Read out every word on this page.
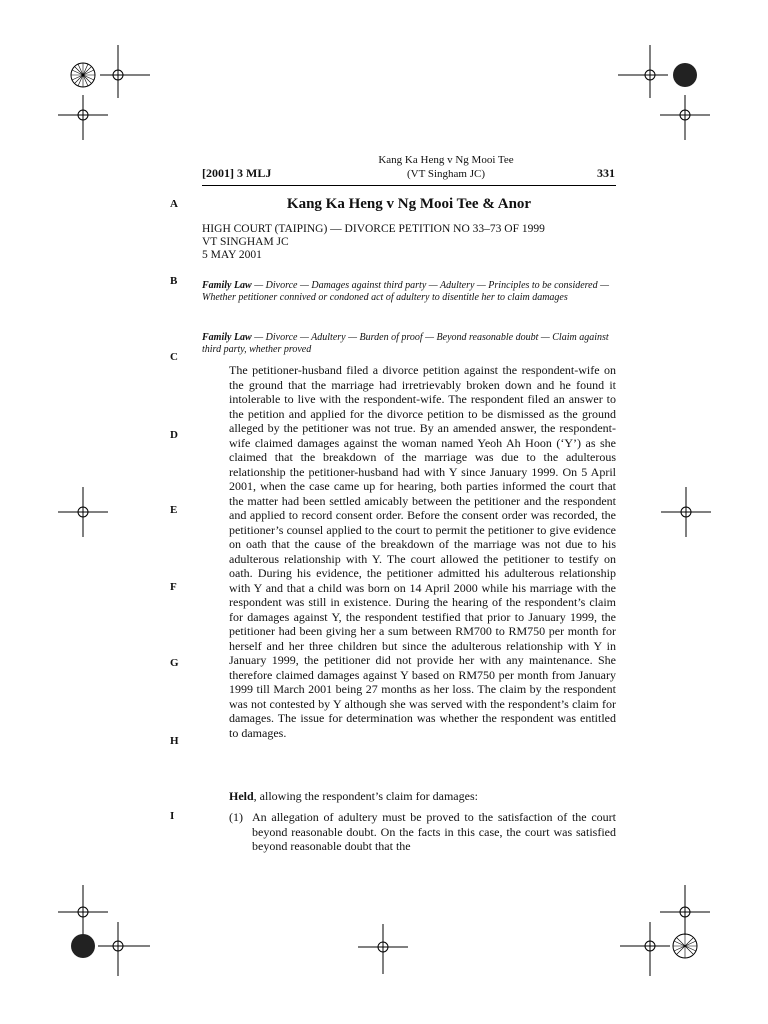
[2001] 3 MLJ
Kang Ka Heng v Ng Mooi Tee
(VT Singham JC)	331
A
B
C
D
E
F
G
H
I
Kang Ka Heng v Ng Mooi Tee & Anor
HIGH COURT (TAIPING) — DIVORCE PETITION NO 33–73 OF 1999
VT SINGHAM JC
5 MAY 2001
Family Law — Divorce — Damages against third party — Adultery — Principles to be considered — Whether petitioner connived or condoned act of adultery to disentitle her to claim damages
Family Law — Divorce — Adultery — Burden of proof — Beyond reasonable doubt — Claim against third party, whether proved
The petitioner-husband filed a divorce petition against the respondent-wife on the ground that the marriage had irretrievably broken down and he found it intolerable to live with the respondent-wife. The respondent filed an answer to the petition and applied for the divorce petition to be dismissed as the ground alleged by the petitioner was not true. By an amended answer, the respondent-wife claimed damages against the woman named Yeoh Ah Hoon (‘Y’) as she claimed that the breakdown of the marriage was due to the adulterous relationship the petitioner-husband had with Y since January 1999. On 5 April 2001, when the case came up for hearing, both parties informed the court that the matter had been settled amicably between the petitioner and the respondent and applied to record consent order. Before the consent order was recorded, the petitioner’s counsel applied to the court to permit the petitioner to give evidence on oath that the cause of the breakdown of the marriage was not due to his adulterous relationship with Y. The court allowed the petitioner to testify on oath. During his evidence, the petitioner admitted his adulterous relationship with Y and that a child was born on 14 April 2000 while his marriage with the respondent was still in existence. During the hearing of the respondent’s claim for damages against Y, the respondent testified that prior to January 1999, the petitioner had been giving her a sum between RM700 to RM750 per month for herself and her three children but since the adulterous relationship with Y in January 1999, the petitioner did not provide her with any maintenance. She therefore claimed damages against Y based on RM750 per month from January 1999 till March 2001 being 27 months as her loss. The claim by the respondent was not contested by Y although she was served with the respondent’s claim for damages. The issue for determination was whether the respondent was entitled to damages.
Held, allowing the respondent’s claim for damages:
(1) An allegation of adultery must be proved to the satisfaction of the court beyond reasonable doubt. On the facts in this case, the court was satisfied beyond reasonable doubt that the
